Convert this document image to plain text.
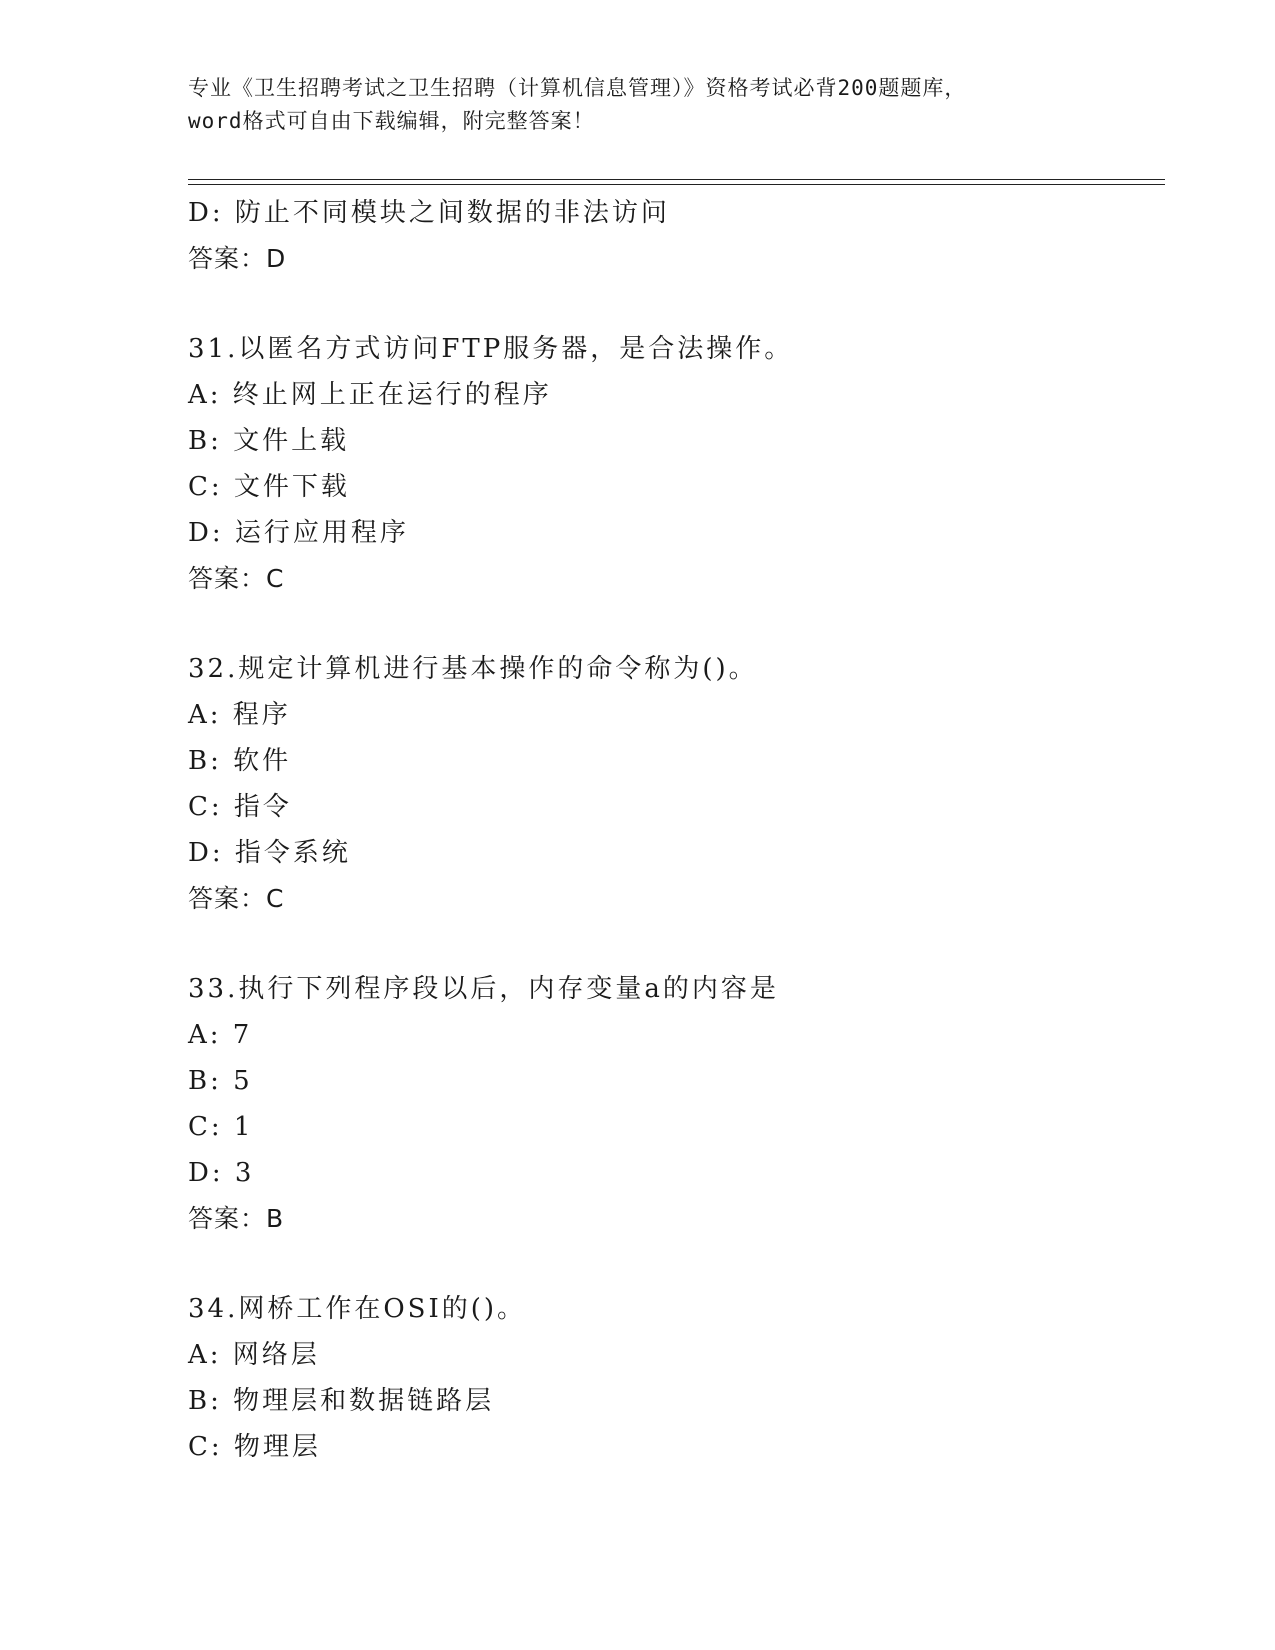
专业《卫生招聘考试之卫生招聘（计算机信息管理）》资格考试必背200题题库，
word格式可自由下载编辑，附完整答案！
D: 防止不同模块之间数据的非法访问
答案：D
31.以匿名方式访问FTP服务器，是合法操作。
A: 终止网上正在运行的程序
B: 文件上载
C: 文件下载
D: 运行应用程序
答案：C
32.规定计算机进行基本操作的命令称为()。
A: 程序
B: 软件
C: 指令
D: 指令系统
答案：C
33.执行下列程序段以后，内存变量a的内容是
A: 7
B: 5
C: 1
D: 3
答案：B
34.网桥工作在OSI的()。
A: 网络层
B: 物理层和数据链路层
C: 物理层
